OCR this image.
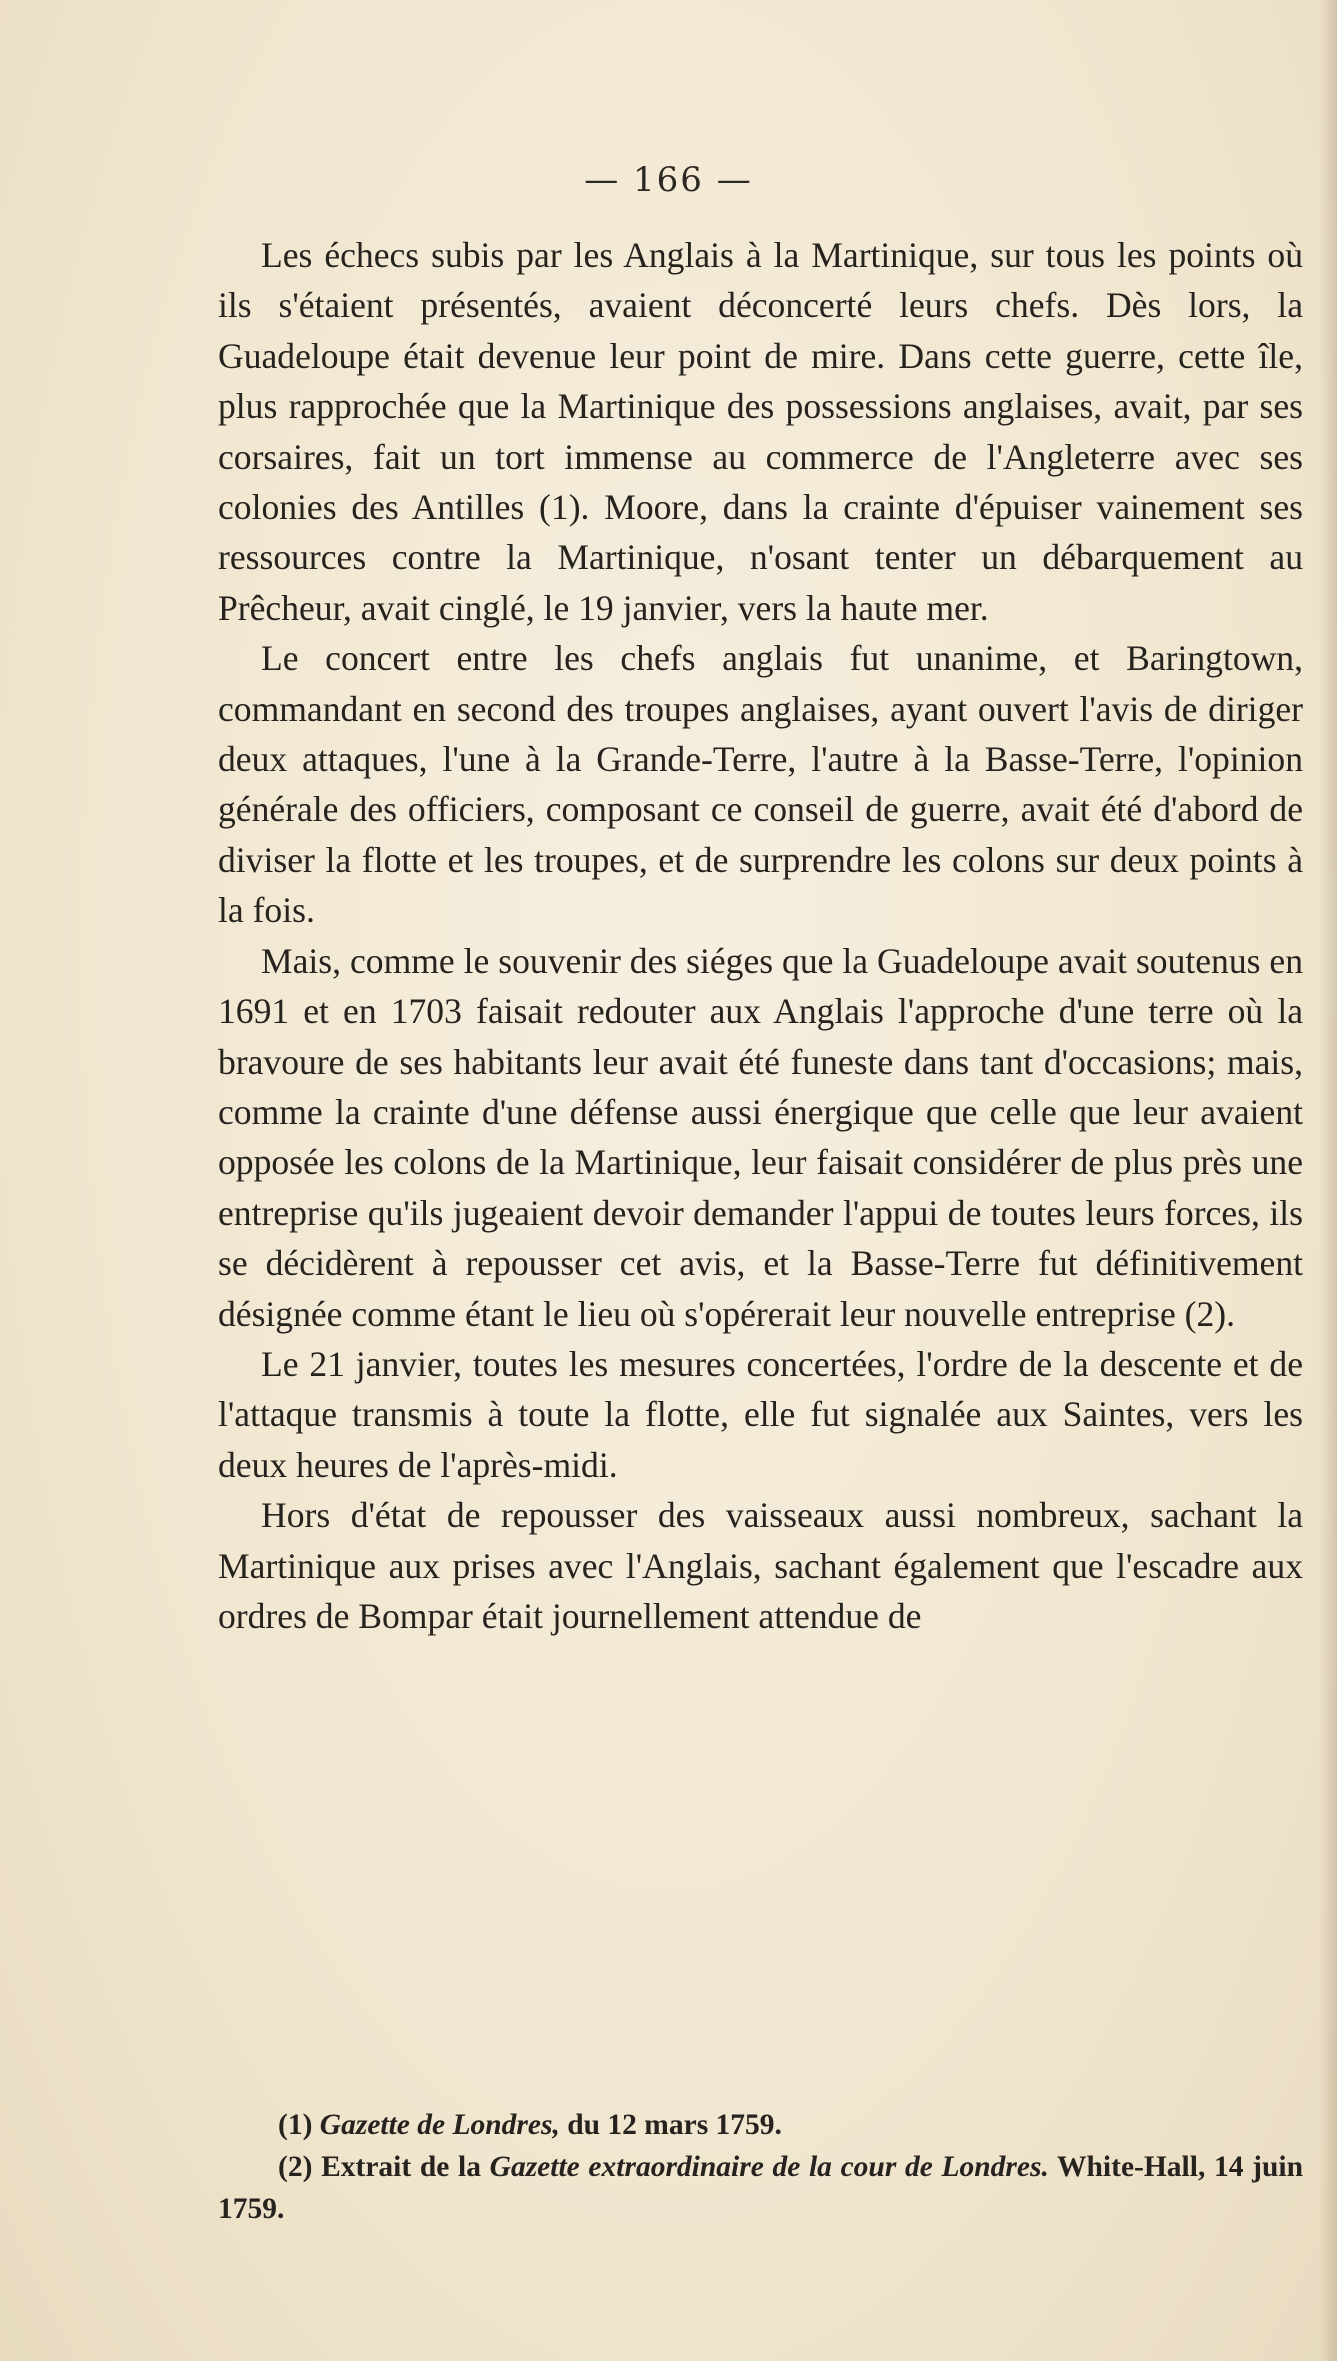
— 166 —

Les échecs subis par les Anglais à la Martinique, sur tous les points où ils s'étaient présentés, avaient déconcerté leurs chefs. Dès lors, la Guadeloupe était devenue leur point de mire. Dans cette guerre, cette île, plus rapprochée que la Martinique des possessions anglaises, avait, par ses corsaires, fait un tort immense au commerce de l'Angleterre avec ses colonies des Antilles (1). Moore, dans la crainte d'épuiser vainement ses ressources contre la Martinique, n'osant tenter un débarquement au Prêcheur, avait cinglé, le 19 janvier, vers la haute mer.

Le concert entre les chefs anglais fut unanime, et Baringtown, commandant en second des troupes anglaises, ayant ouvert l'avis de diriger deux attaques, l'une à la Grande-Terre, l'autre à la Basse-Terre, l'opinion générale des officiers, composant ce conseil de guerre, avait été d'abord de diviser la flotte et les troupes, et de surprendre les colons sur deux points à la fois.

Mais, comme le souvenir des siéges que la Guadeloupe avait soutenus en 1691 et en 1703 faisait redouter aux Anglais l'approche d'une terre où la bravoure de ses habitants leur avait été funeste dans tant d'occasions; mais, comme la crainte d'une défense aussi énergique que celle que leur avaient opposée les colons de la Martinique, leur faisait considérer de plus près une entreprise qu'ils jugeaient devoir demander l'appui de toutes leurs forces, ils se décidèrent à repousser cet avis, et la Basse-Terre fut définitivement désignée comme étant le lieu où s'opérerait leur nouvelle entreprise (2).

Le 21 janvier, toutes les mesures concertées, l'ordre de la descente et de l'attaque transmis à toute la flotte, elle fut signalée aux Saintes, vers les deux heures de l'après-midi.

Hors d'état de repousser des vaisseaux aussi nombreux, sachant la Martinique aux prises avec l'Anglais, sachant également que l'escadre aux ordres de Bompar était journellement attendue de

(1) Gazette de Londres, du 12 mars 1759.

(2) Extrait de la Gazette extraordinaire de la cour de Londres. White-Hall, 14 juin 1759.
